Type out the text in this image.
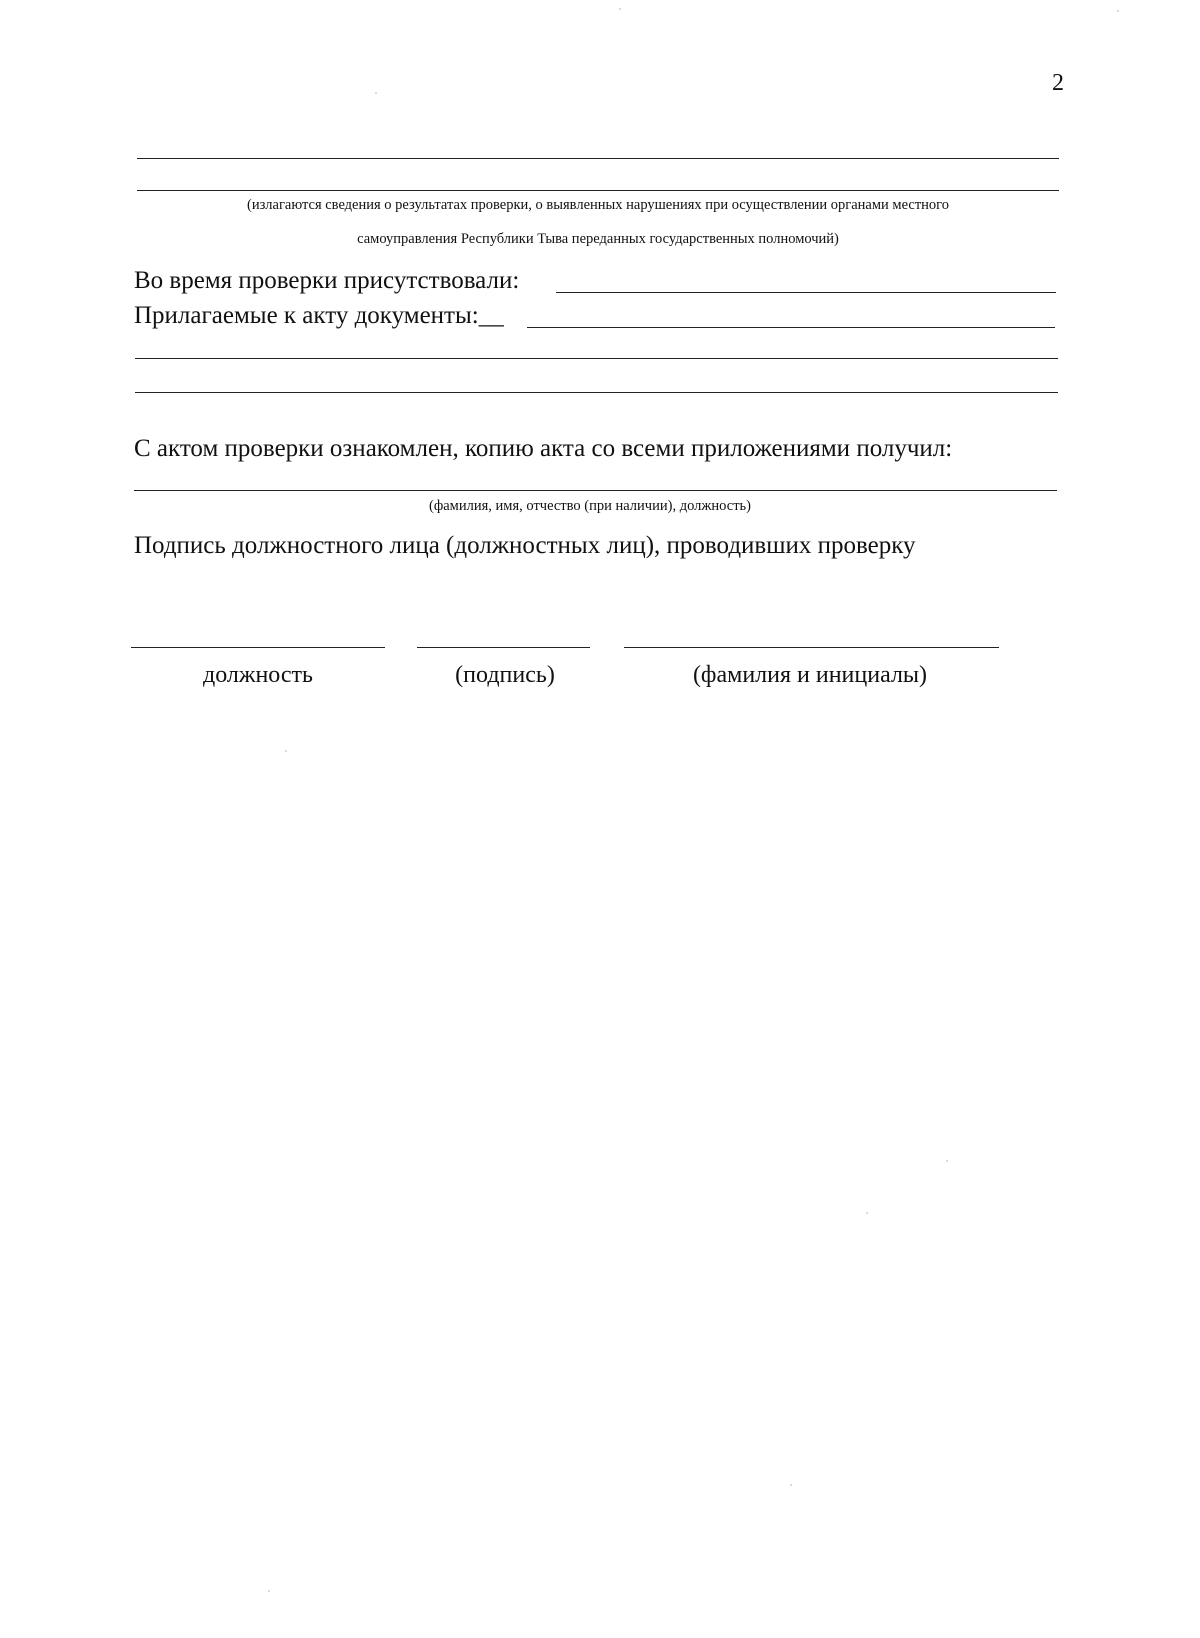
2
(излагаются сведения о результатах проверки, о выявленных нарушениях при осуществлении органами местного
самоуправления Республики Тыва переданных государственных полномочий)
Во время проверки присутствовали:
Прилагаемые к акту документы:__
С актом проверки ознакомлен, копию акта со всеми приложениями получил:
(фамилия, имя, отчество (при наличии), должность)
Подпись должностного лица (должностных лиц), проводивших проверку
должность	(подпись)	(фамилия и инициалы)
